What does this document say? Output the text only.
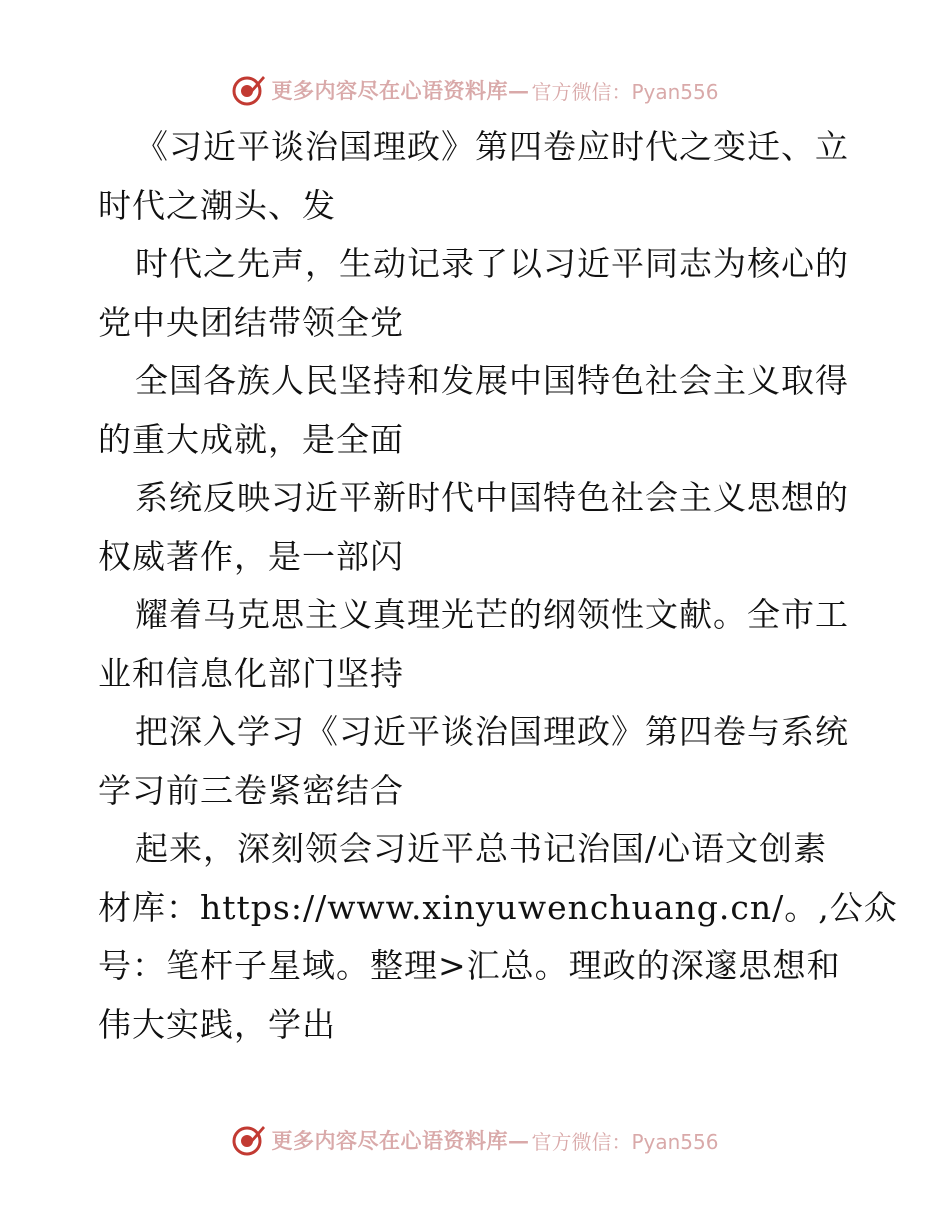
更多内容尽在心语资料库 — 官方微信：Pyan556
《习近平谈治国理政》第四卷应时代之变迁、立
时代之潮头、发
时代之先声，生动记录了以习近平同志为核心的
党中央团结带领全党
全国各族人民坚持和发展中国特色社会主义取得
的重大成就，是全面
系统反映习近平新时代中国特色社会主义思想的
权威著作，是一部闪
耀着马克思主义真理光芒的纲领性文献。全市工
业和信息化部门坚持
把深入学习《习近平谈治国理政》第四卷与系统
学习前三卷紧密结合
起来，深刻领会习近平总书记治国/心语文创素
材库：https://www.xinyuwenchuang.cn/。,公众
号：笔杆子星域。整理>汇总。理政的深邃思想和
伟大实践，学出
更多内容尽在心语资料库 — 官方微信：Pyan556
